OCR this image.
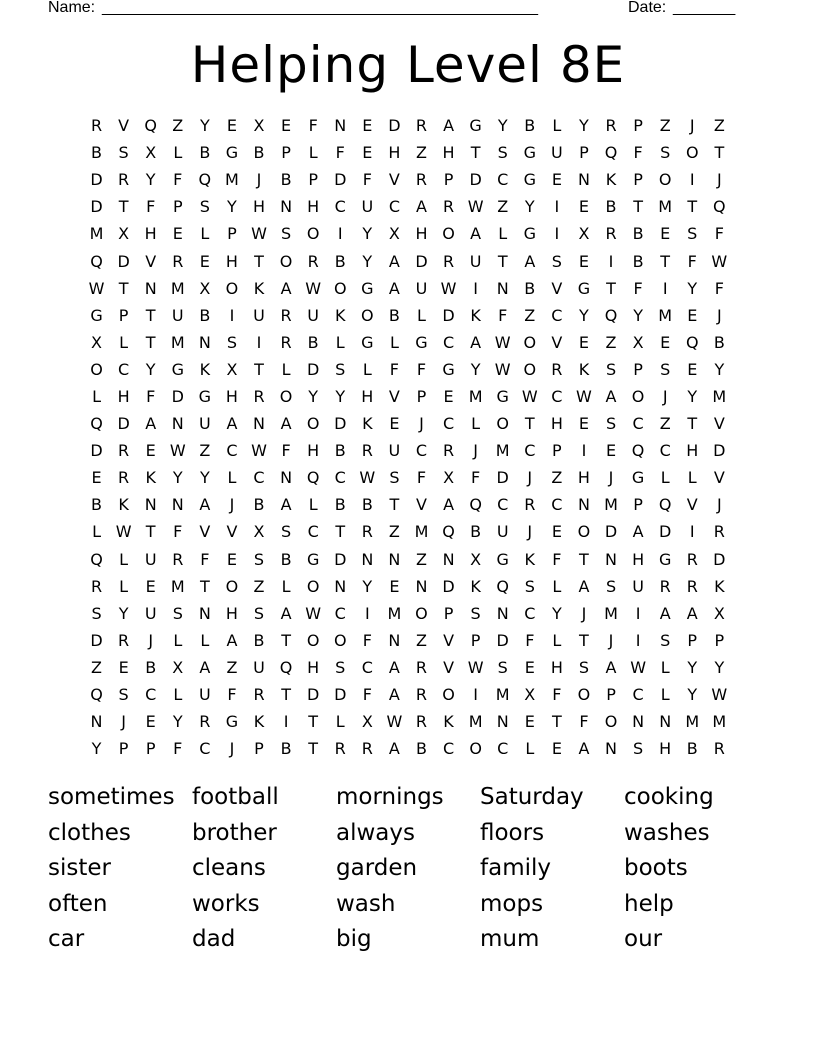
Name: _________________________________________________	Date: _______
Helping Level 8E
R	V Q Z	Y	E	X	E	F	N	E D R	A G Y	B	L	Y	R	P	Z	J	Z
B	S	X	L	B G B	P	L	F	E	H Z H	T	S G U	P Q	F	S O T
D R	Y	F	Q M	J	B	P	D	F	V	R	P	D C G E	N K	P O	I	J
D	T	F	P	S	Y	H N H C U C	A	R W Z	Y	I	E	B	T M T Q
M X H	E	L	P W S O	I	Y	X H O A	L	G	I	X	R	B	E	S	F
Q D V	R	E	H	T O R	B	Y	A D R U	T	A	S	E	I	B	T	F W
W T	N M X O K	A W O G A U W	I	N B	V G T	F	I	Y	F
G	P	T	U B	I	U R U K O B	L	D K	F	Z	C	Y Q Y M E	J
X	L	T M N	S	I	R	B	L	G	L	G C	A W O V	E	Z	X	E Q B
O C	Y G K	X	T	L	D S	L	F	F	G Y W O R	K	S	P	S	E	Y
L	H	F	D G H R O Y	Y	H V	P	E M G W C W A O	J	Y M
Q D A N U A N A O D K	E	J	C	L	O T	H	E	S	C	Z	T	V
D R	E W Z	C W F	H B	R U C R	J	M C	P	I	E Q C H D
E	R	K	Y	Y	L	C N Q C W S	F	X	F	D	J	Z H	J	G	L	L	V
B	K N N A	J	B	A	L	B	B	T	V	A Q C R C N M P Q V	J
L W T	F	V	V	X	S	C	T	R	Z M Q B U	J	E O D A D	I	R
Q	L	U R	F	E	S	B G D N N Z N X G K	F	T	N H G R D
R	L	E M T O Z	L	O N	Y	E	N D K Q S	L	A	S	U R R	K
S	Y	U	S	N H S	A W C	I	M O P	S	N C	Y	J	M	I	A	A	X
D R	J	L	L	A	B	T O O	F	N Z	V	P	D	F	L	T	J	I	S	P	P
Z	E	B	X	A	Z U Q H S	C	A	R	V W S	E	H S	A W L	Y	Y
Q S	C	L	U	F	R	T	D D	F	A	R O	I	M X	F	O P	C	L	Y W
N	J	E	Y	R G K	I	T	L	X W R	K M N	E	T	F	O N N M M
Y	P	P	F	C	J	P	B	T	R R	A	B	C O C	L	E	A N	S H B	R
sometimes football	mornings	Saturday	cooking
clothes	brother	always	floors	washes
sister	cleans	garden	family	boots
often	works	wash	mops	help
car	dad	big	mum	our
